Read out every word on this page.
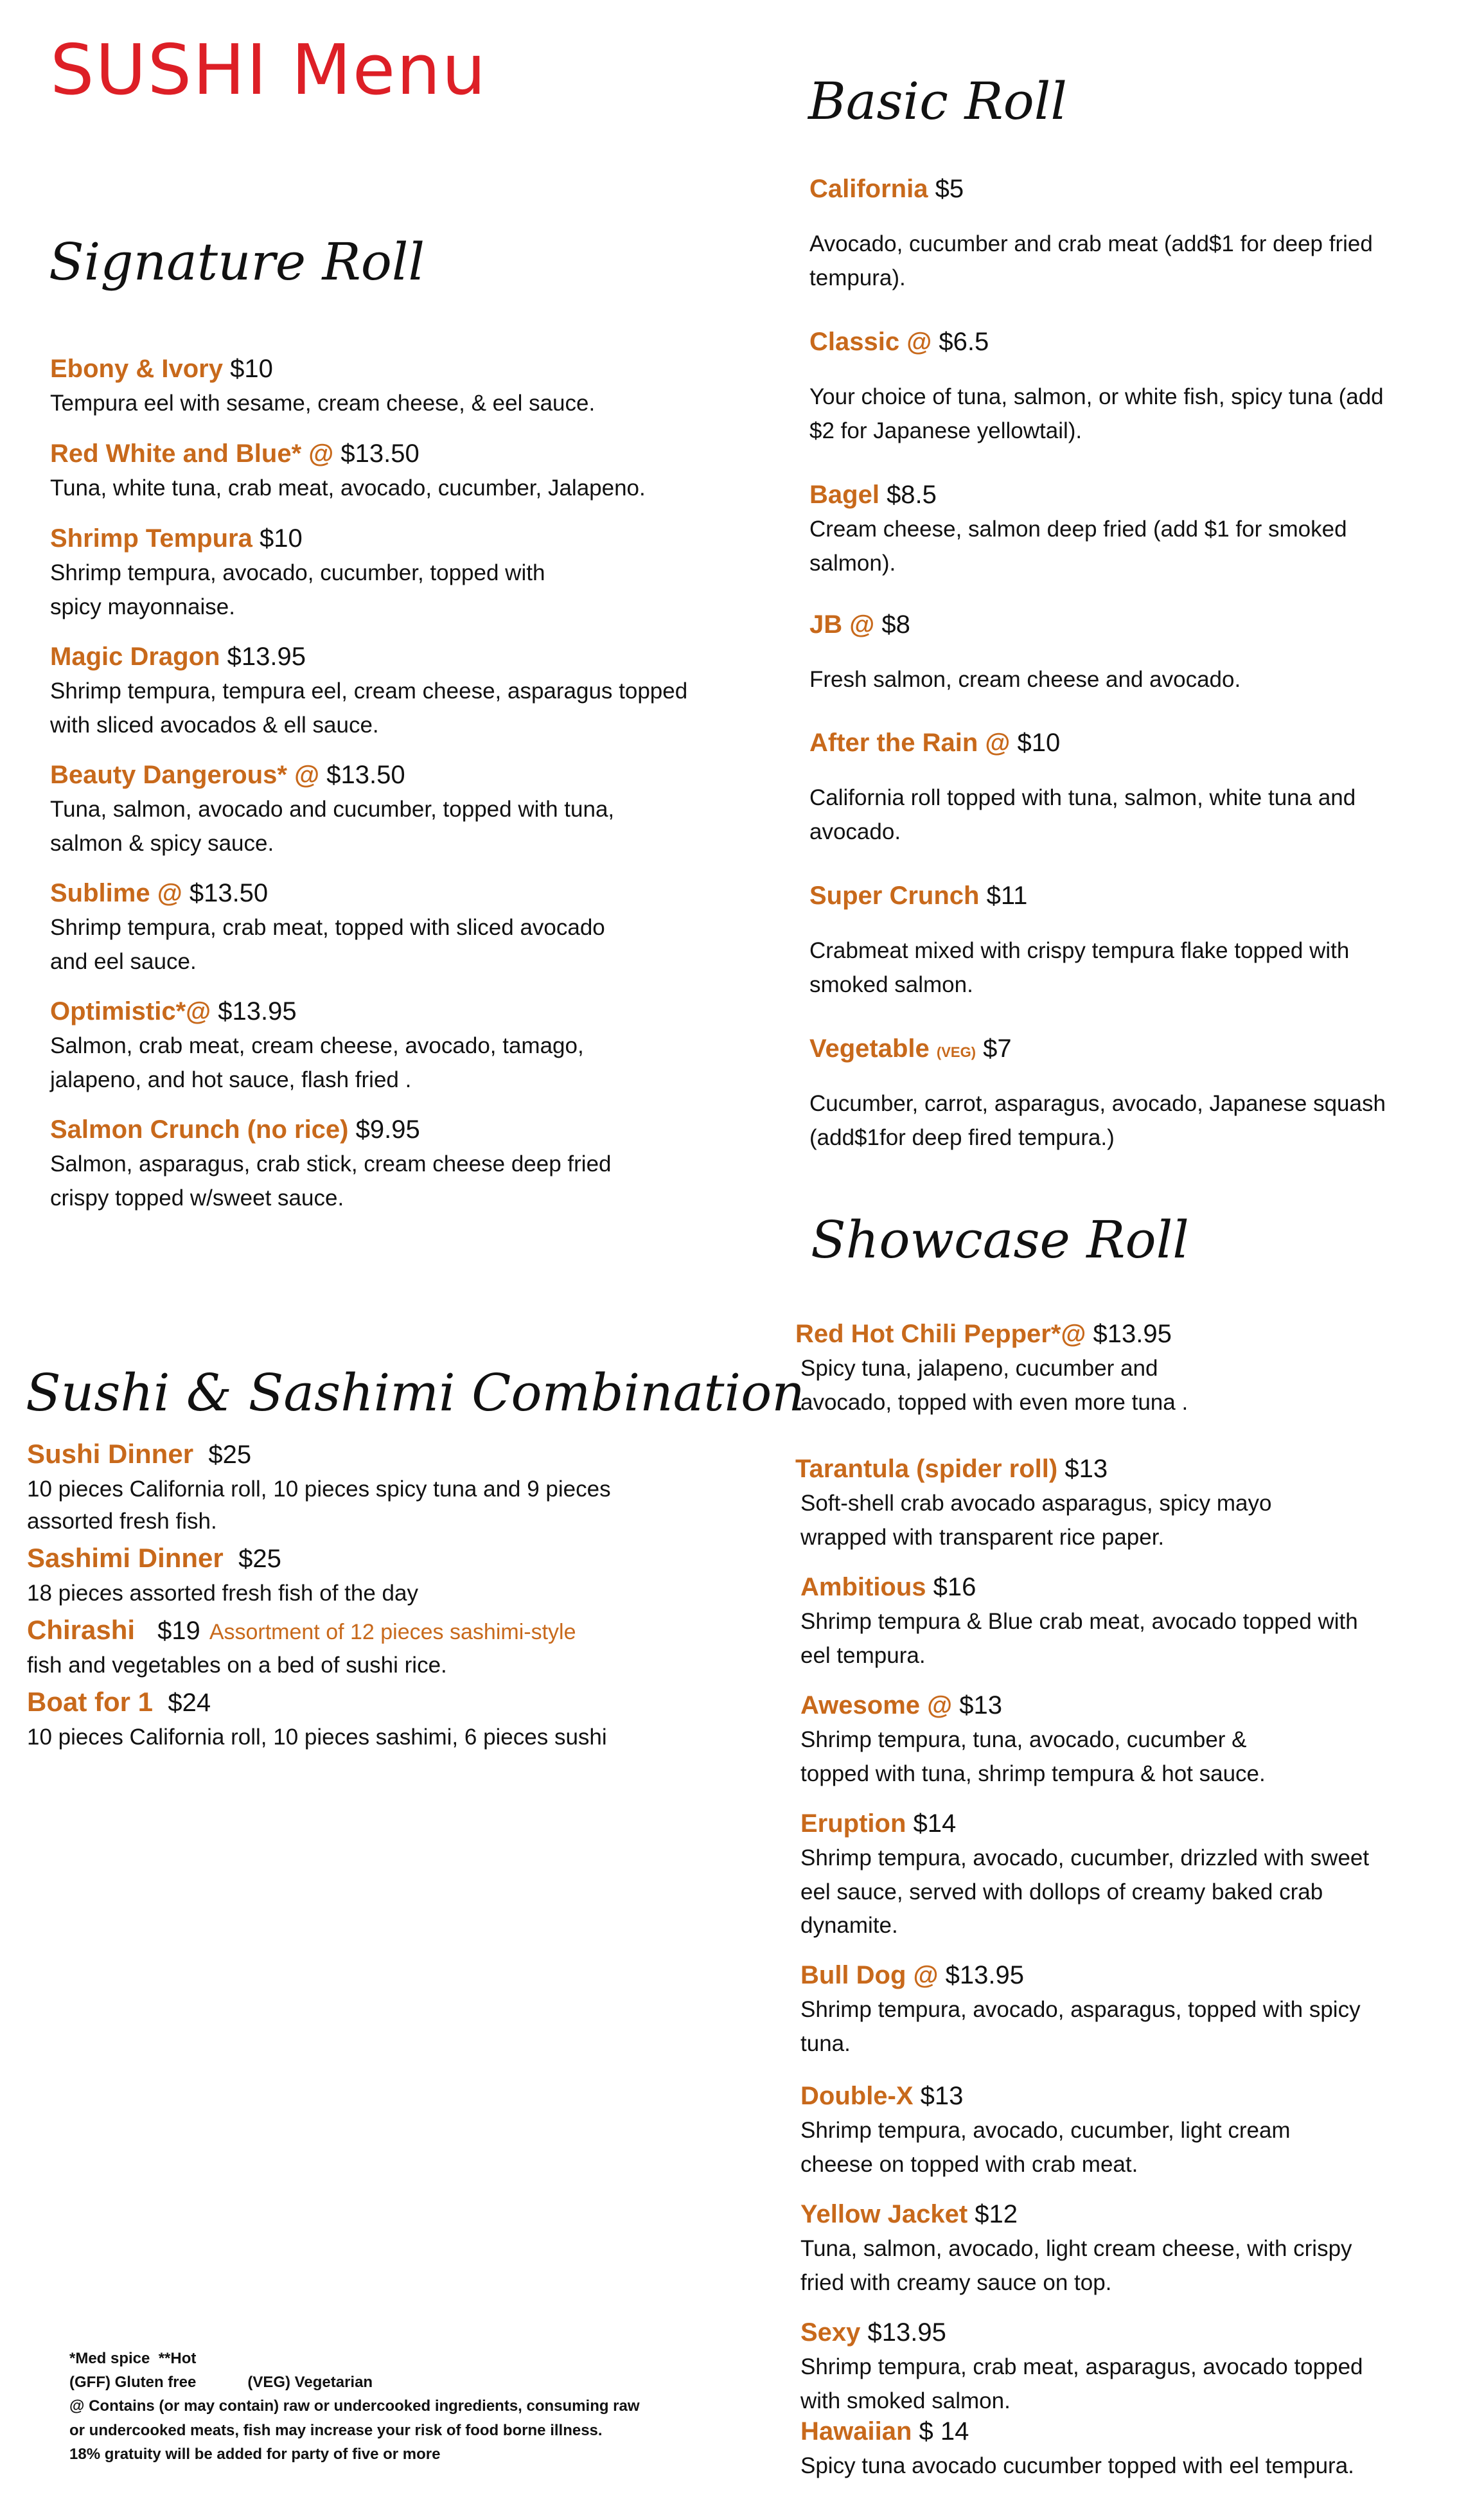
SUSHI Menu
Signature Roll
Sushi & Sashimi Combination
Basic Roll
Showcase Roll
Ebony & Ivory $10
Tempura eel with sesame, cream cheese, & eel sauce.
Red White and Blue* @ $13.50
Tuna, white tuna, crab meat, avocado, cucumber, Jalapeno.
Shrimp Tempura $10
Shrimp tempura, avocado, cucumber, topped with
spicy mayonnaise.
Magic Dragon $13.95
Shrimp tempura, tempura eel, cream cheese, asparagus topped
with sliced avocados & ell sauce.
Beauty Dangerous* @ $13.50
Tuna, salmon, avocado and cucumber, topped with tuna,
salmon & spicy sauce.
Sublime @ $13.50
Shrimp tempura, crab meat, topped with sliced avocado
and eel sauce.
Optimistic*@ $13.95
Salmon, crab meat, cream cheese, avocado, tamago,
jalapeno, and hot sauce, flash fried .
Salmon Crunch (no rice) $9.95
Salmon, asparagus, crab stick, cream cheese deep fried
crispy topped w/sweet sauce.
Sushi Dinner $25
10 pieces California roll, 10 pieces spicy tuna and 9 pieces
assorted fresh fish.
Sashimi Dinner $25
18 pieces assorted fresh fish of the day
Chirashi $19 Assortment of 12 pieces sashimi-style
fish and vegetables on a bed of sushi rice.
Boat for 1 $24
10 pieces California roll, 10 pieces sashimi, 6 pieces sushi
California $5
Avocado, cucumber and crab meat (add$1 for deep fried
tempura).
Classic @ $6.5
Your choice of tuna, salmon, or white fish, spicy tuna (add
$2 for Japanese yellowtail).
Bagel $8.5
Cream cheese, salmon deep fried (add $1 for smoked
salmon).
JB @ $8
Fresh salmon, cream cheese and avocado.
After the Rain @ $10
California roll topped with tuna, salmon, white tuna and
avocado.
Super Crunch $11
Crabmeat mixed with crispy tempura flake topped with
smoked salmon.
Vegetable (VEG) $7
Cucumber, carrot, asparagus, avocado, Japanese squash
(add$1for deep fired tempura.)
Red Hot Chili Pepper*@ $13.95
Spicy tuna, jalapeno, cucumber and
avocado, topped with even more tuna .
Tarantula (spider roll) $13
Soft-shell crab avocado asparagus, spicy mayo
wrapped with transparent rice paper.
Ambitious $16
Shrimp tempura & Blue crab meat, avocado topped with
eel tempura.
Awesome @ $13
Shrimp tempura, tuna, avocado, cucumber &
topped with tuna, shrimp tempura & hot sauce.
Eruption $14
Shrimp tempura, avocado, cucumber, drizzled with sweet
eel sauce, served with dollops of creamy baked crab
dynamite.
Bull Dog @ $13.95
Shrimp tempura, avocado, asparagus, topped with spicy
tuna.
Double-X $13
Shrimp tempura, avocado, cucumber, light cream
cheese on topped with crab meat.
Yellow Jacket $12
Tuna, salmon, avocado, light cream cheese, with crispy
fried with creamy sauce on top.
Sexy $13.95
Shrimp tempura, crab meat, asparagus, avocado topped
with smoked salmon.
Hawaiian $ 14
Spicy tuna avocado cucumber topped with eel tempura.
*Med spice  **Hot
(GFF) Gluten free            (VEG) Vegetarian
@ Contains (or may contain) raw or undercooked ingredients, consuming raw
or undercooked meats, fish may increase your risk of food borne illness.
18% gratuity will be added for party of five or more
